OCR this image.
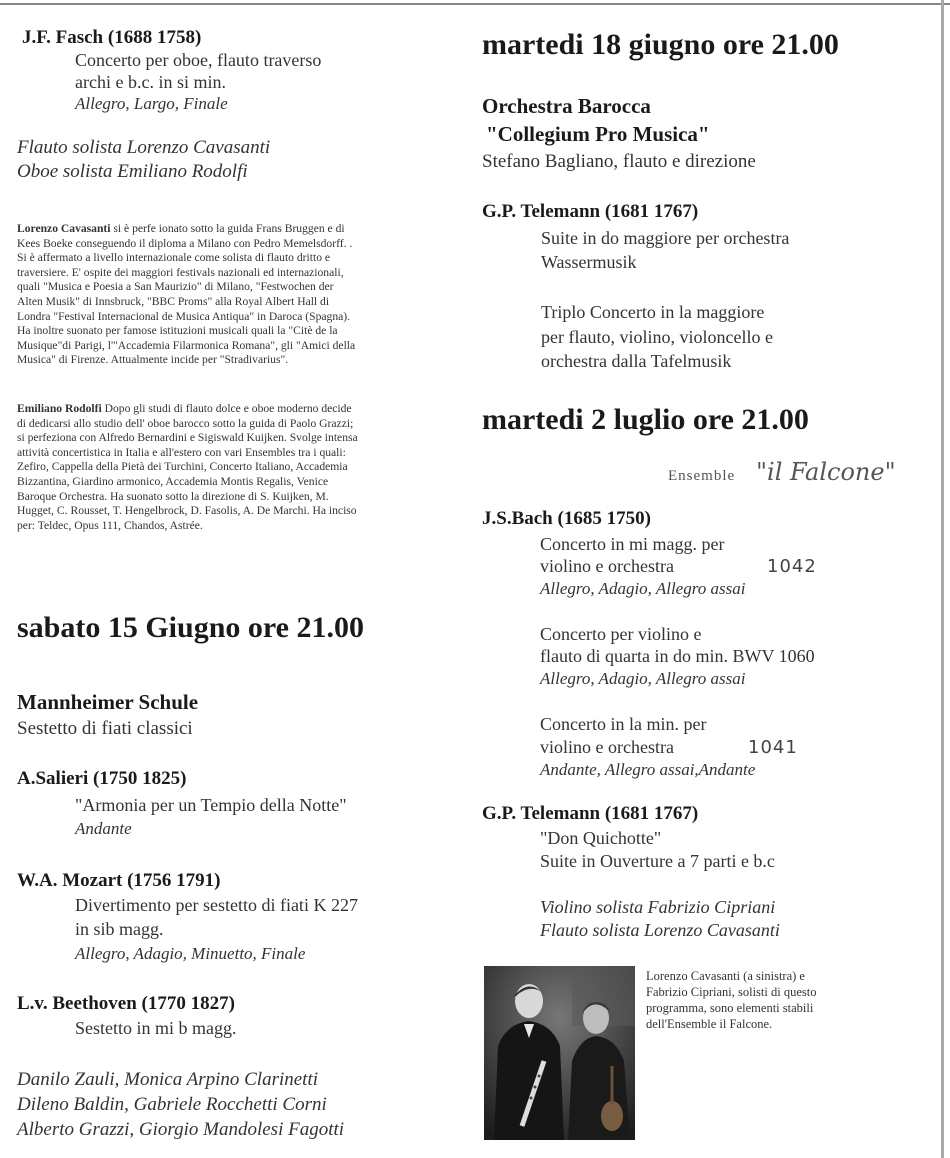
J.F. Fasch (1688 1758)

Concerto per oboe, flauto traverso

archi e b.c. in si min.

Allegro, Largo, Finale

Flauto solista Lorenzo Cavasanti

Oboe solista Emiliano Rodolfi

Lorenzo Cavasanti si è perfe ionato sotto la guida Frans Bruggen e di
Kees Boeke conseguendo il diploma a Milano con Pedro Memelsdorff. .
Si è affermato a livello internazionale come solista di flauto dritto e
traversiere. E' ospite dei maggiori festivals nazionali ed internazionali,
quali "Musica e Poesia a San Maurizio" di Milano, "Festwochen der
Alten Musik" di Innsbruck, "BBC Proms" alla Royal Albert Hall di
Londra "Festival Internacional de Musica Antiqua" in Daroca (Spagna).
Ha inoltre suonato per famose istituzioni musicali quali la "Citè de la
Musique"di Parigi, l'"Accademia Filarmonica Romana", gli "Amici della
Musica" di Firenze. Attualmente incide per "Stradivarius".
Emiliano Rodolfi Dopo gli studi di flauto dolce e oboe moderno decide
di dedicarsi allo studio dell' oboe barocco sotto la guida di Paolo Grazzi;
si perfeziona con Alfredo Bernardini e Sigiswald Kuijken. Svolge intensa
attività concertistica in Italia e all'estero con vari Ensembles tra i quali:
Zefiro, Cappella della Pietà dei Turchini, Concerto Italiano, Accademia
Bizzantina, Giardino armonico, Accademia Montis Regalis, Venice
Baroque Orchestra. Ha suonato sotto la direzione di S. Kuijken, M.
Hugget, C. Rousset, T. Hengelbrock, D. Fasolis, A. De Marchi. Ha inciso
per: Teldec, Opus 111, Chandos, Astrée.

sabato 15 Giugno ore 21.00

Mannheimer Schule

Sestetto di fiati classici

A.Salieri (1750 1825)

"Armonia per un Tempio della Notte"

Andante

W.A. Mozart (1756 1791)

Divertimento per sestetto di fiati K 227

in sib magg.

Allegro, Adagio, Minuetto, Finale

L.v. Beethoven (1770 1827)

Sestetto in mi b magg.

Danilo Zauli, Monica Arpino Clarinetti

Dileno Baldin, Gabriele Rocchetti Corni

Alberto Grazzi, Giorgio Mandolesi Fagotti

martedi 18 giugno ore 21.00

Orchestra Barocca

"Collegium Pro Musica"

Stefano Bagliano, flauto e direzione

G.P. Telemann (1681 1767)

Suite in do maggiore per orchestra

Wassermusik

Triplo Concerto in la maggiore

per flauto, violino, violoncello e

orchestra dalla Tafelmusik

martedi 2 luglio ore 21.00

Ensemble "il Falcone"

J.S.Bach (1685 1750)

Concerto in mi magg. per

violino e orchestra

Allegro, Adagio, Allegro assai

1042

Concerto per violino e

flauto di quarta in do min. BWV 1060

Allegro, Adagio, Allegro assai

Concerto in la min. per

violino e orchestra

Andante, Allegro assai,Andante

1041

G.P. Telemann (1681 1767)

"Don Quichotte"

Suite in Ouverture a 7 parti e b.c

Violino solista Fabrizio Cipriani

Flauto solista Lorenzo Cavasanti

Lorenzo Cavasanti (a sinistra) e
Fabrizio Cipriani, solisti di questo
programma, sono elementi stabili
dell'Ensemble il Falcone.
